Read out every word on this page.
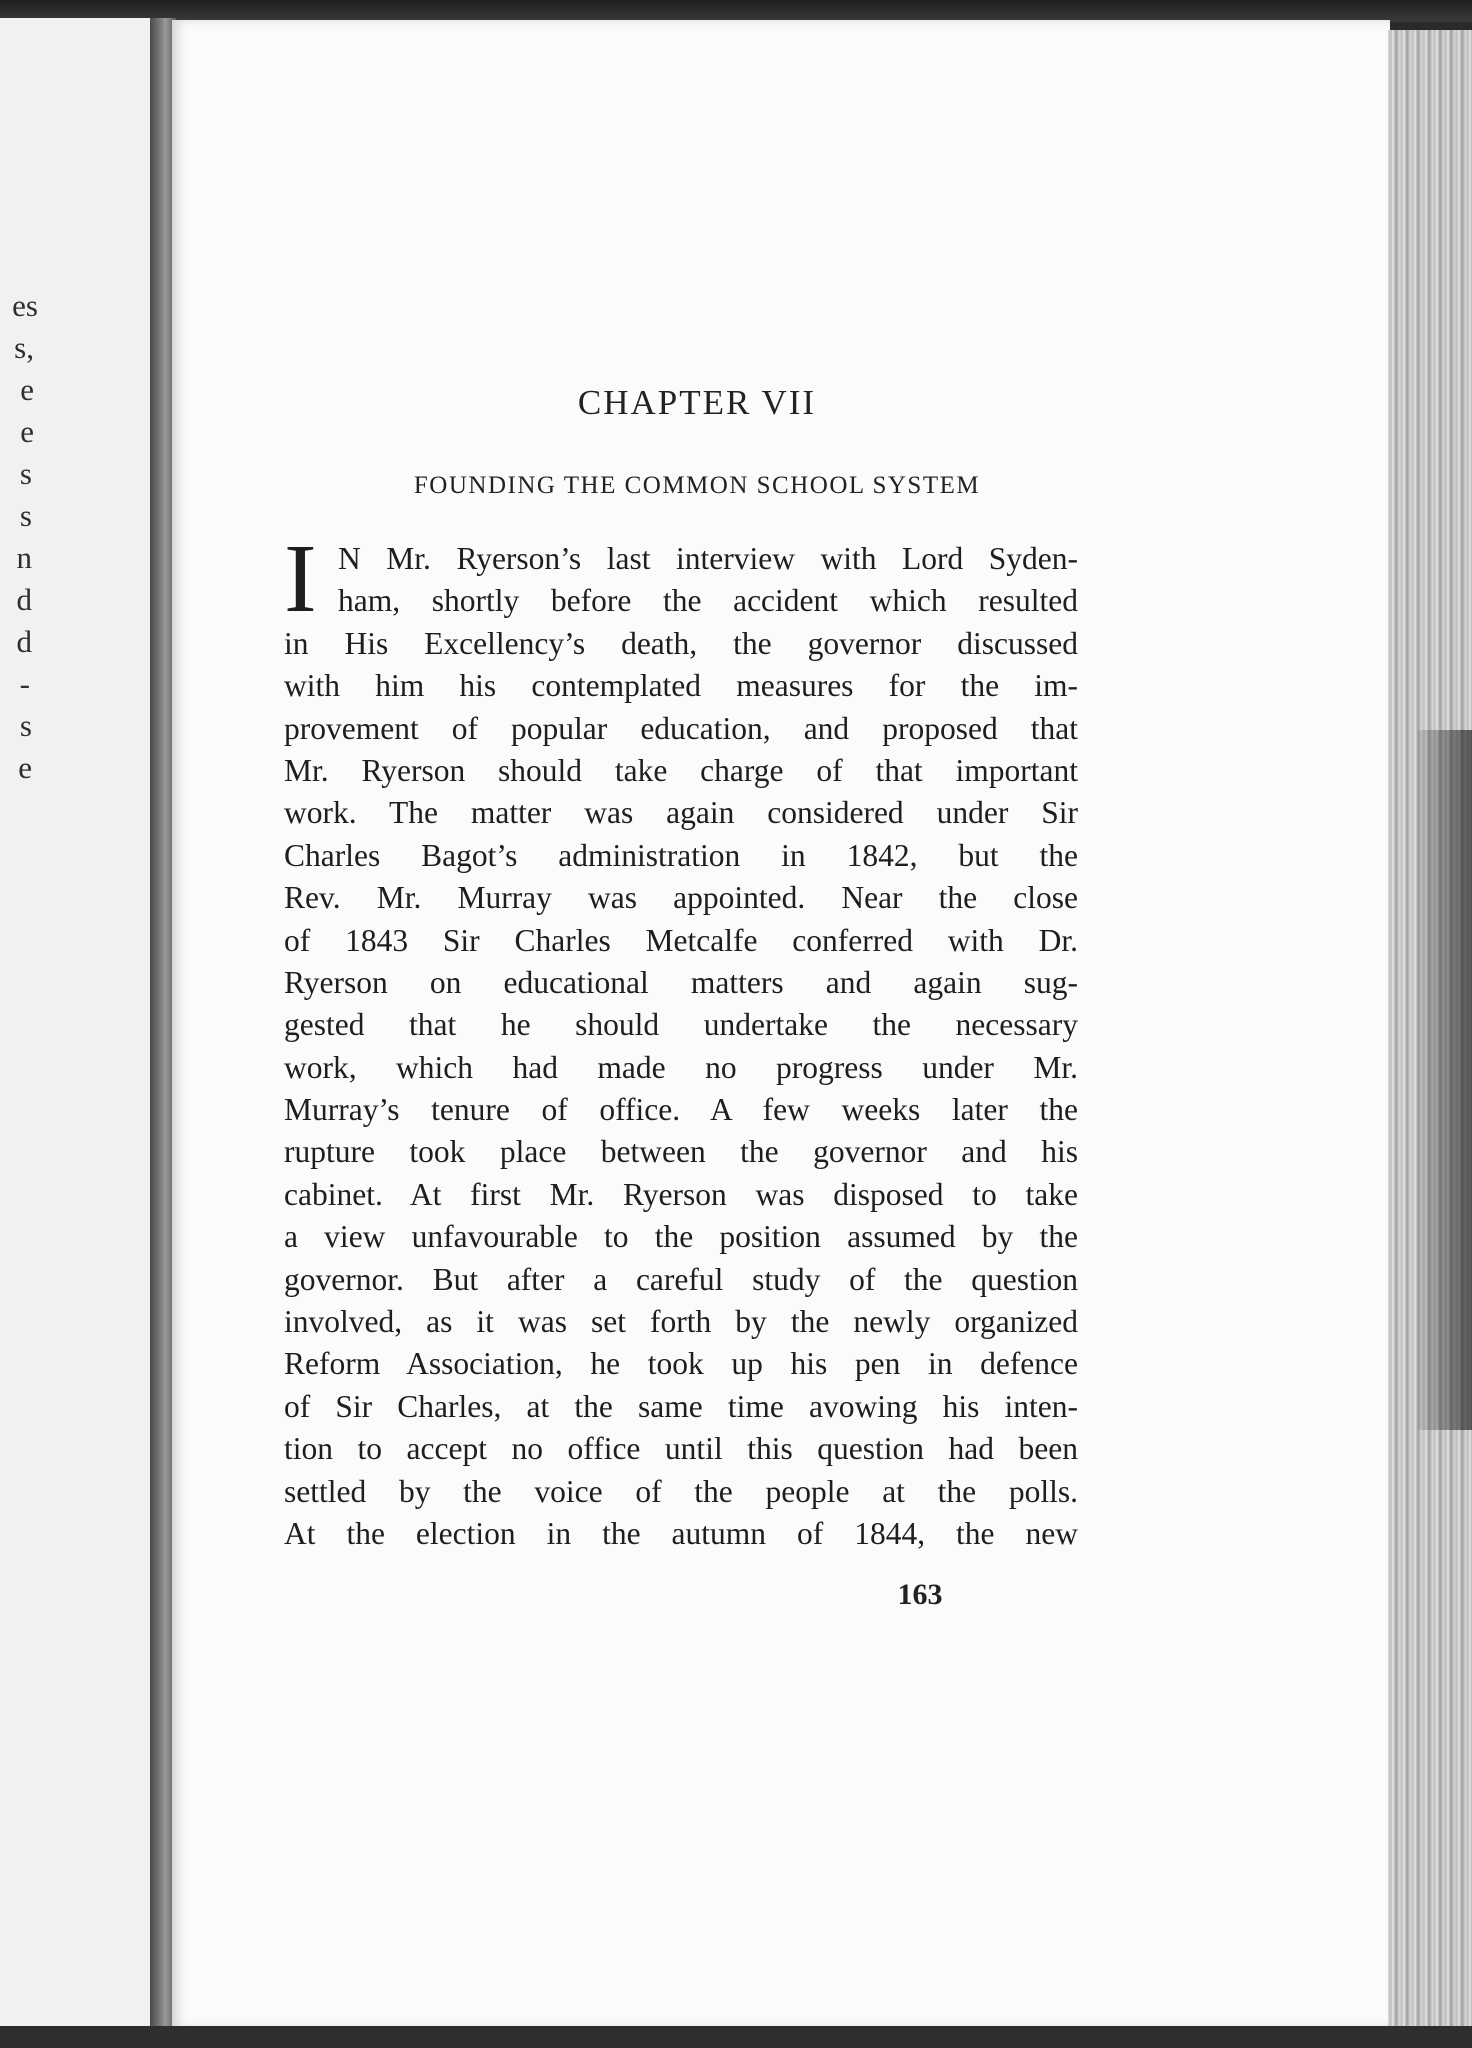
es
s,
e
e
s
s
n
d
d
-
s
e
CHAPTER VII
FOUNDING THE COMMON SCHOOL SYSTEM
I N Mr. Ryerson’s last interview with Lord Syden-
ham, shortly before the accident which resulted
in His Excellency’s death, the governor discussed
with him his contemplated measures for the im-
provement of popular education, and proposed that
Mr. Ryerson should take charge of that important
work. The matter was again considered under Sir
Charles Bagot’s administration in 1842, but the
Rev. Mr. Murray was appointed. Near the close
of 1843 Sir Charles Metcalfe conferred with Dr.
Ryerson on educational matters and again sug-
gested that he should undertake the necessary
work, which had made no progress under Mr.
Murray’s tenure of office. A few weeks later the
rupture took place between the governor and his
cabinet. At first Mr. Ryerson was disposed to take
a view unfavourable to the position assumed by the
governor. But after a careful study of the question
involved, as it was set forth by the newly organized
Reform Association, he took up his pen in defence
of Sir Charles, at the same time avowing his inten-
tion to accept no office until this question had been
settled by the voice of the people at the polls.
At the election in the autumn of 1844, the new
163
